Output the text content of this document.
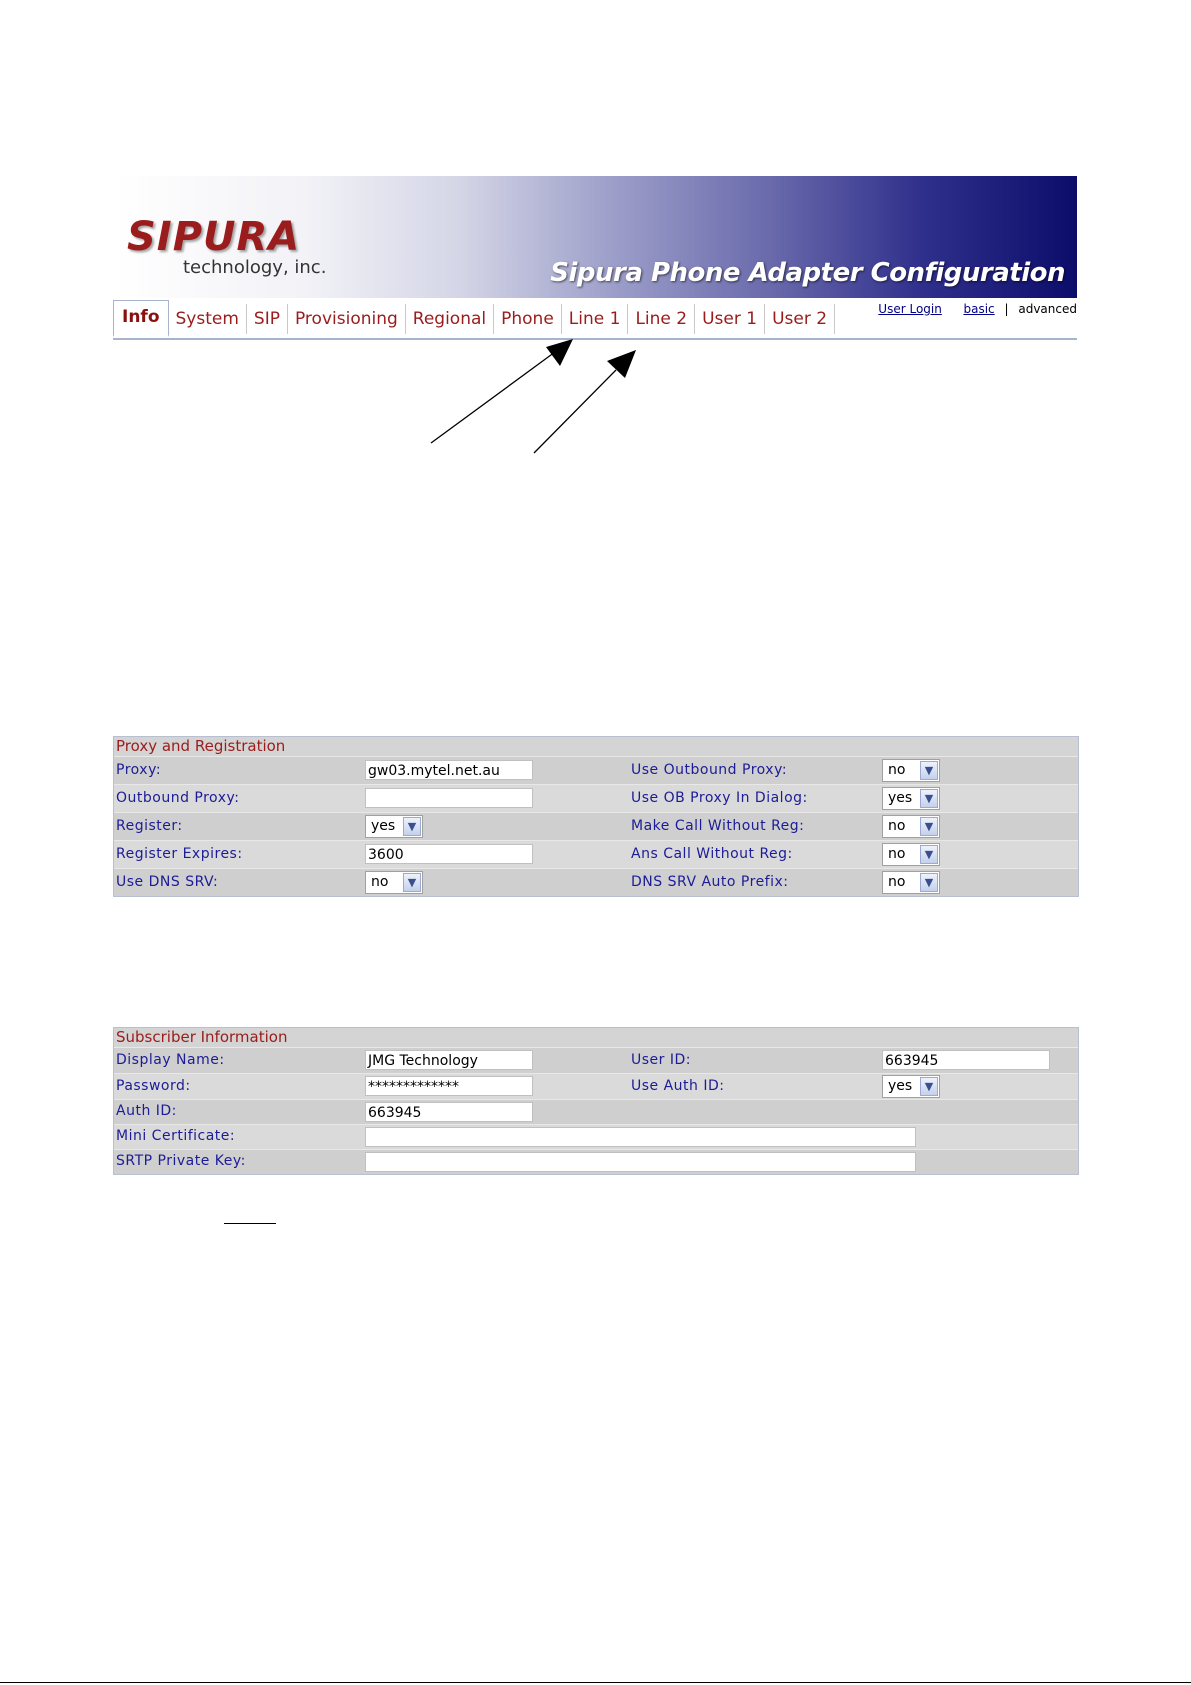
SIPURA
technology, inc.	Sipura Phone Adapter Configuration
Info System SIP Provisioning Regional Phone Line 1 Line 2 User 1 User 2	User Login basic | advanced
Proxy and Registration
Proxy:	gw03.mytel.net.au	Use Outbound Proxy:	no	▼
Outbound Proxy:	Use OB Proxy In Dialog:	yes	▼
Register:	yes	▼	Make Call Without Reg:	no	▼
Register Expires:	3600	Ans Call Without Reg:	no	▼
Use DNS SRV:	no	▼	DNS SRV Auto Prefix:	no	▼
Subscriber Information
Display Name:	JMG Technology	User ID:	663945
Password:	*************	Use Auth ID:	yes	▼
Auth ID:	663945
Mini Certificate:
SRTP Private Key:
